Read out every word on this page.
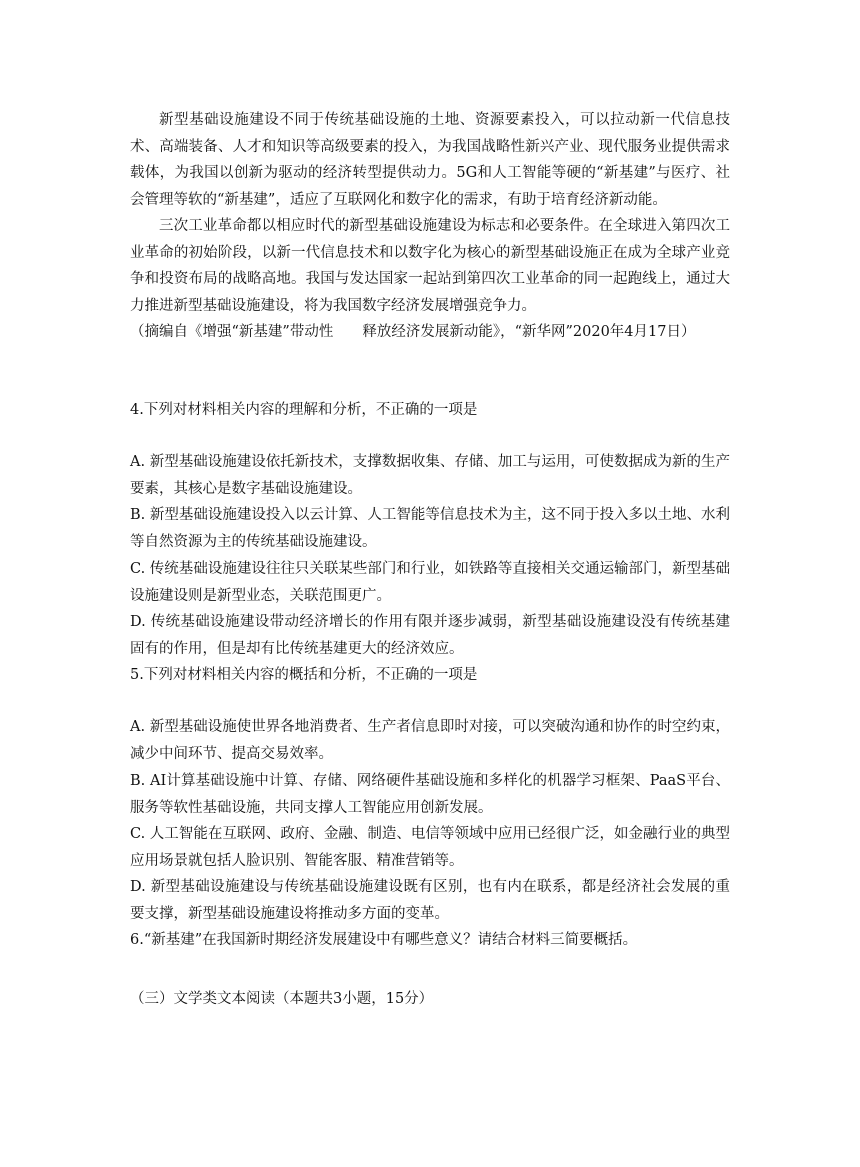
新型基础设施建设不同于传统基础设施的土地、资源要素投入，可以拉动新一代信息技术、高端装备、人才和知识等高级要素的投入，为我国战略性新兴产业、现代服务业提供需求载体，为我国以创新为驱动的经济转型提供动力。5G和人工智能等硬的“新基建”与医疗、社会管理等软的“新基建”，适应了互联网化和数字化的需求，有助于培育经济新动能。

三次工业革命都以相应时代的新型基础设施建设为标志和必要条件。在全球进入第四次工业革命的初始阶段，以新一代信息技术和以数字化为核心的新型基础设施正在成为全球产业竞争和投资布局的战略高地。我国与发达国家一起站到第四次工业革命的同一起跑线上，通过大力推进新型基础设施建设，将为我国数字经济发展增强竞争力。

（摘编自《增强“新基建”带动性　　释放经济发展新动能》，“新华网”2020年4月17日）

4.下列对材料相关内容的理解和分析，不正确的一项是

A. 新型基础设施建设依托新技术，支撑数据收集、存储、加工与运用，可使数据成为新的生产要素，其核心是数字基础设施建设。

B. 新型基础设施建设投入以云计算、人工智能等信息技术为主，这不同于投入多以土地、水利等自然资源为主的传统基础设施建设。

C. 传统基础设施建设往往只关联某些部门和行业，如铁路等直接相关交通运输部门，新型基础设施建设则是新型业态，关联范围更广。

D. 传统基础设施建设带动经济增长的作用有限并逐步减弱，新型基础设施建设没有传统基建固有的作用，但是却有比传统基建更大的经济效应。

5.下列对材料相关内容的概括和分析，不正确的一项是

A. 新型基础设施使世界各地消费者、生产者信息即时对接，可以突破沟通和协作的时空约束，减少中间环节、提高交易效率。

B. AI计算基础设施中计算、存储、网络硬件基础设施和多样化的机器学习框架、PaaS平台、服务等软性基础设施，共同支撑人工智能应用创新发展。

C. 人工智能在互联网、政府、金融、制造、电信等领域中应用已经很广泛，如金融行业的典型应用场景就包括人脸识别、智能客服、精准营销等。

D. 新型基础设施建设与传统基础设施建设既有区别，也有内在联系，都是经济社会发展的重要支撑，新型基础设施建设将推动多方面的变革。

6.“新基建”在我国新时期经济发展建设中有哪些意义？请结合材料三简要概括。

（三）文学类文本阅读（本题共3小题，15分）
